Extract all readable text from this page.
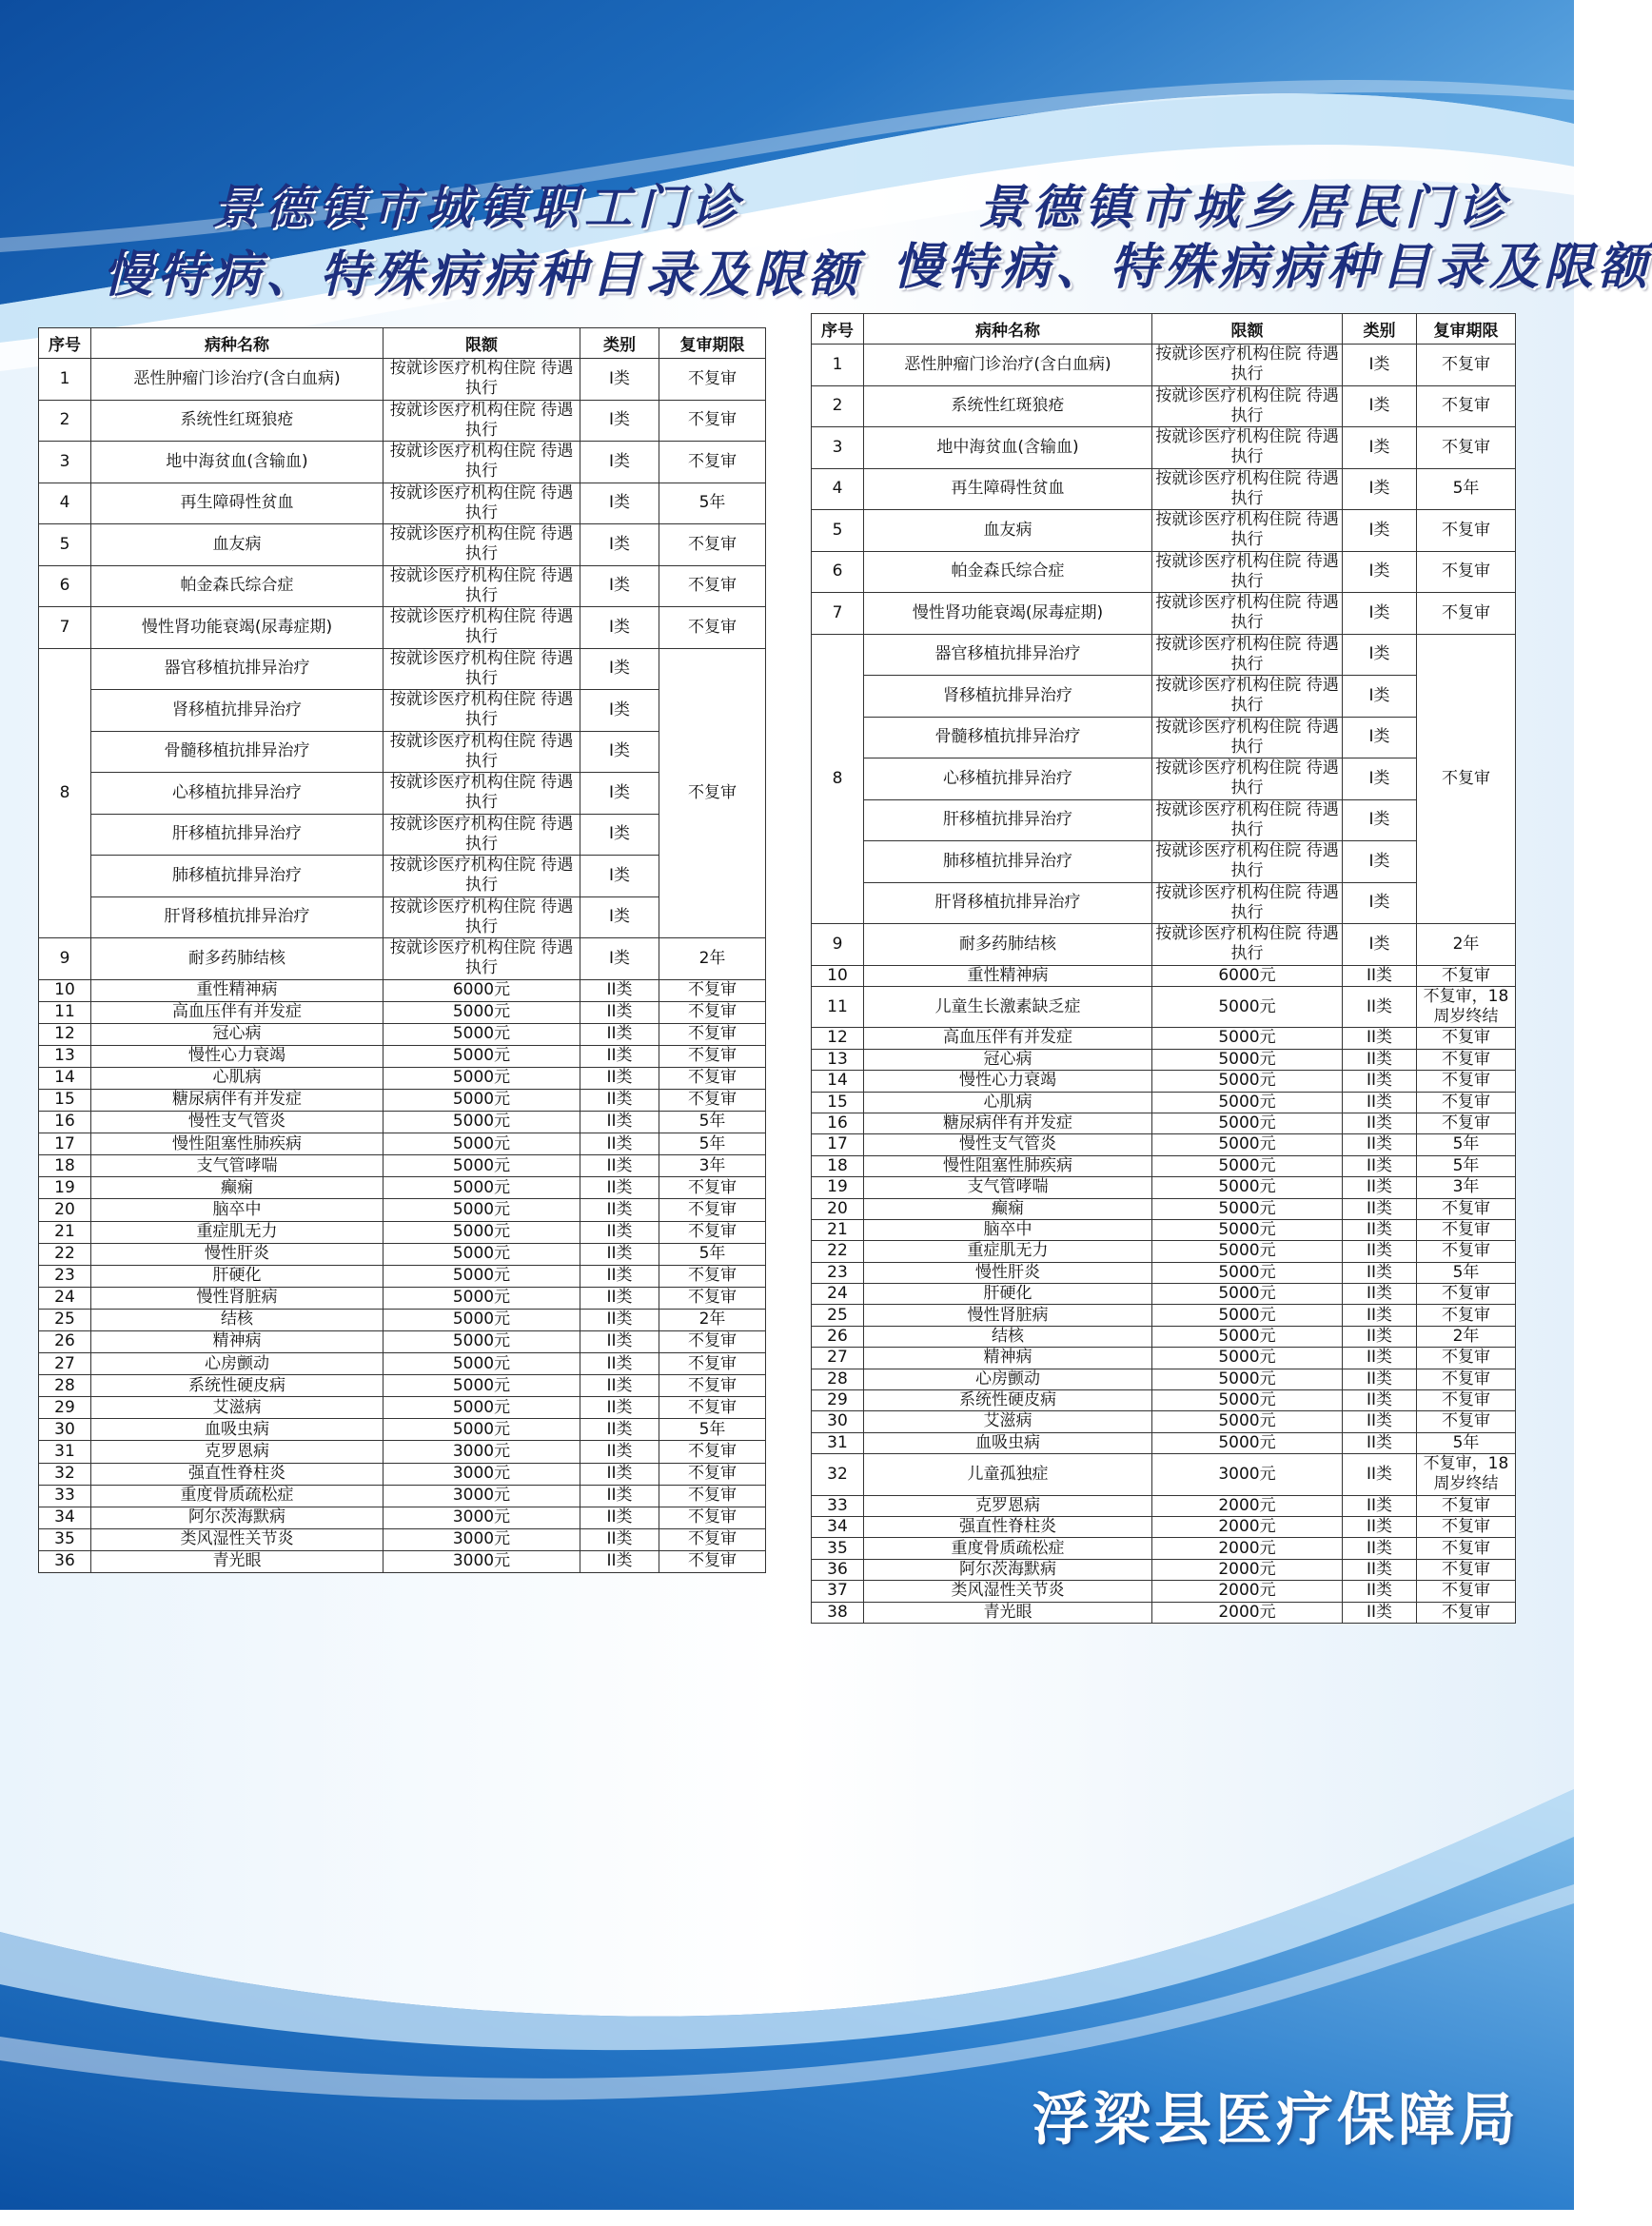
景德镇市城镇职工门诊
慢特病、特殊病病种目录及限额
景德镇市城乡居民门诊
慢特病、特殊病病种目录及限额
序号	病种名称	限额	类别	复审期限
1	恶性肿瘤门诊治疗(含白血病)	按就诊医疗机构住院 待遇执行	I类	不复审
2	系统性红斑狼疮	按就诊医疗机构住院 待遇执行	I类	不复审
3	地中海贫血(含输血)	按就诊医疗机构住院 待遇执行	I类	不复审
4	再生障碍性贫血	按就诊医疗机构住院 待遇执行	I类	5年
5	血友病	按就诊医疗机构住院 待遇执行	I类	不复审
6	帕金森氏综合症	按就诊医疗机构住院 待遇执行	I类	不复审
7	慢性肾功能衰竭(尿毒症期)	按就诊医疗机构住院 待遇执行	I类	不复审
8	器官移植抗排异治疗	按就诊医疗机构住院 待遇执行	I类	不复审
	肾移植抗排异治疗	按就诊医疗机构住院 待遇执行	I类	
	骨髓移植抗排异治疗	按就诊医疗机构住院 待遇执行	I类	
	心移植抗排异治疗	按就诊医疗机构住院 待遇执行	I类	
	肝移植抗排异治疗	按就诊医疗机构住院 待遇执行	I类	
	肺移植抗排异治疗	按就诊医疗机构住院 待遇执行	I类	
	肝肾移植抗排异治疗	按就诊医疗机构住院 待遇执行	I类	
9	耐多药肺结核	按就诊医疗机构住院 待遇执行	I类	2年
10	重性精神病	6000元	II类	不复审
11	高血压伴有并发症	5000元	II类	不复审
12	冠心病	5000元	II类	不复审
13	慢性心力衰竭	5000元	II类	不复审
14	心肌病	5000元	II类	不复审
15	糖尿病伴有并发症	5000元	II类	不复审
16	慢性支气管炎	5000元	II类	5年
17	慢性阻塞性肺疾病	5000元	II类	5年
18	支气管哮喘	5000元	II类	3年
19	癫痫	5000元	II类	不复审
20	脑卒中	5000元	II类	不复审
21	重症肌无力	5000元	II类	不复审
22	慢性肝炎	5000元	II类	5年
23	肝硬化	5000元	II类	不复审
24	慢性肾脏病	5000元	II类	不复审
25	结核	5000元	II类	2年
26	精神病	5000元	II类	不复审
27	心房颤动	5000元	II类	不复审
28	系统性硬皮病	5000元	II类	不复审
29	艾滋病	5000元	II类	不复审
30	血吸虫病	5000元	II类	5年
31	克罗恩病	3000元	II类	不复审
32	强直性脊柱炎	3000元	II类	不复审
33	重度骨质疏松症	3000元	II类	不复审
34	阿尔茨海默病	3000元	II类	不复审
35	类风湿性关节炎	3000元	II类	不复审
36	青光眼	3000元	II类	不复审
序号	病种名称	限额	类别	复审期限
1	恶性肿瘤门诊治疗(含白血病)	按就诊医疗机构住院 待遇执行	I类	不复审
2	系统性红斑狼疮	按就诊医疗机构住院 待遇执行	I类	不复审
3	地中海贫血(含输血)	按就诊医疗机构住院 待遇执行	I类	不复审
4	再生障碍性贫血	按就诊医疗机构住院 待遇执行	I类	5年
5	血友病	按就诊医疗机构住院 待遇执行	I类	不复审
6	帕金森氏综合症	按就诊医疗机构住院 待遇执行	I类	不复审
7	慢性肾功能衰竭(尿毒症期)	按就诊医疗机构住院 待遇执行	I类	不复审
8	器官移植抗排异治疗	按就诊医疗机构住院 待遇执行	I类	不复审
	肾移植抗排异治疗	按就诊医疗机构住院 待遇执行	I类	
	骨髓移植抗排异治疗	按就诊医疗机构住院 待遇执行	I类	
	心移植抗排异治疗	按就诊医疗机构住院 待遇执行	I类	
	肝移植抗排异治疗	按就诊医疗机构住院 待遇执行	I类	
	肺移植抗排异治疗	按就诊医疗机构住院 待遇执行	I类	
	肝肾移植抗排异治疗	按就诊医疗机构住院 待遇执行	I类	
9	耐多药肺结核	按就诊医疗机构住院 待遇执行	I类	2年
10	重性精神病	6000元	II类	不复审
11	儿童生长激素缺乏症	5000元	II类	不复审，18周岁终结
12	高血压伴有并发症	5000元	II类	不复审
13	冠心病	5000元	II类	不复审
14	慢性心力衰竭	5000元	II类	不复审
15	心肌病	5000元	II类	不复审
16	糖尿病伴有并发症	5000元	II类	不复审
17	慢性支气管炎	5000元	II类	5年
18	慢性阻塞性肺疾病	5000元	II类	5年
19	支气管哮喘	5000元	II类	3年
20	癫痫	5000元	II类	不复审
21	脑卒中	5000元	II类	不复审
22	重症肌无力	5000元	II类	不复审
23	慢性肝炎	5000元	II类	5年
24	肝硬化	5000元	II类	不复审
25	慢性肾脏病	5000元	II类	不复审
26	结核	5000元	II类	2年
27	精神病	5000元	II类	不复审
28	心房颤动	5000元	II类	不复审
29	系统性硬皮病	5000元	II类	不复审
30	艾滋病	5000元	II类	不复审
31	血吸虫病	5000元	II类	5年
32	儿童孤独症	3000元	II类	不复审，18周岁终结
33	克罗恩病	2000元	II类	不复审
34	强直性脊柱炎	2000元	II类	不复审
35	重度骨质疏松症	2000元	II类	不复审
36	阿尔茨海默病	2000元	II类	不复审
37	类风湿性关节炎	2000元	II类	不复审
38	青光眼	2000元	II类	不复审
浮梁县医疗保障局
